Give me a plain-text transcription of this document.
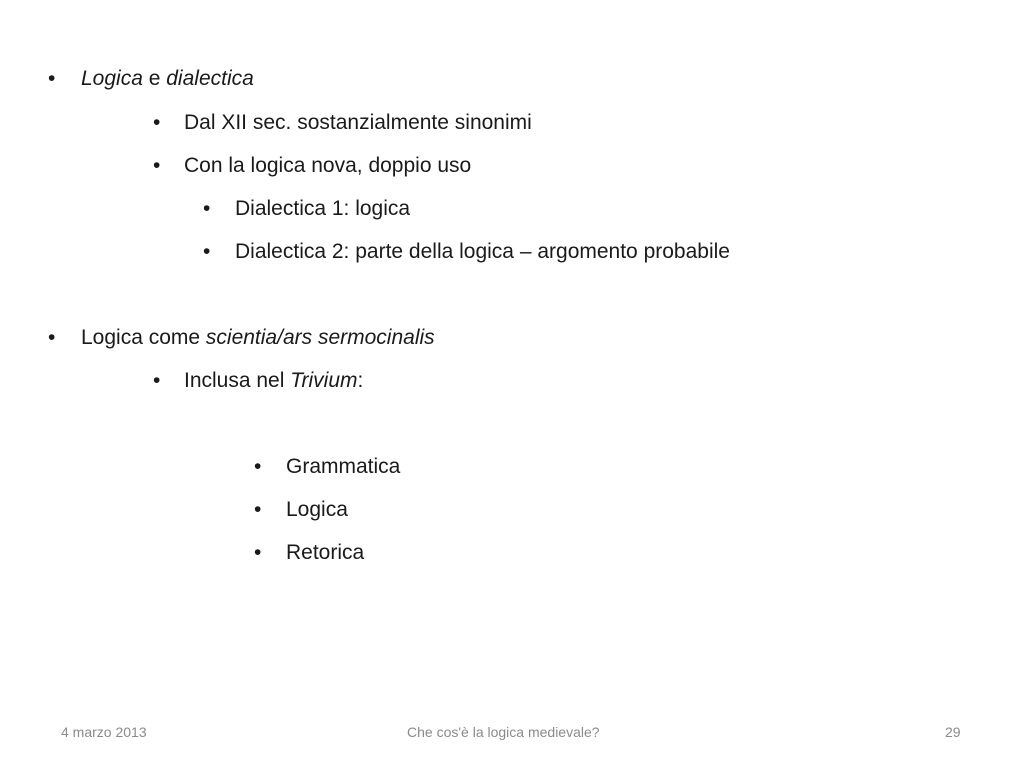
• Logica e dialectica
• Dal XII sec. sostanzialmente sinonimi
• Con la logica nova, doppio uso
• Dialectica 1: logica
• Dialectica 2: parte della logica – argomento probabile
• Logica come scientia/ars sermocinalis
• Inclusa nel Trivium:
• Grammatica
• Logica
• Retorica
4 marzo 2013	Che cos'è la logica medievale?	29
